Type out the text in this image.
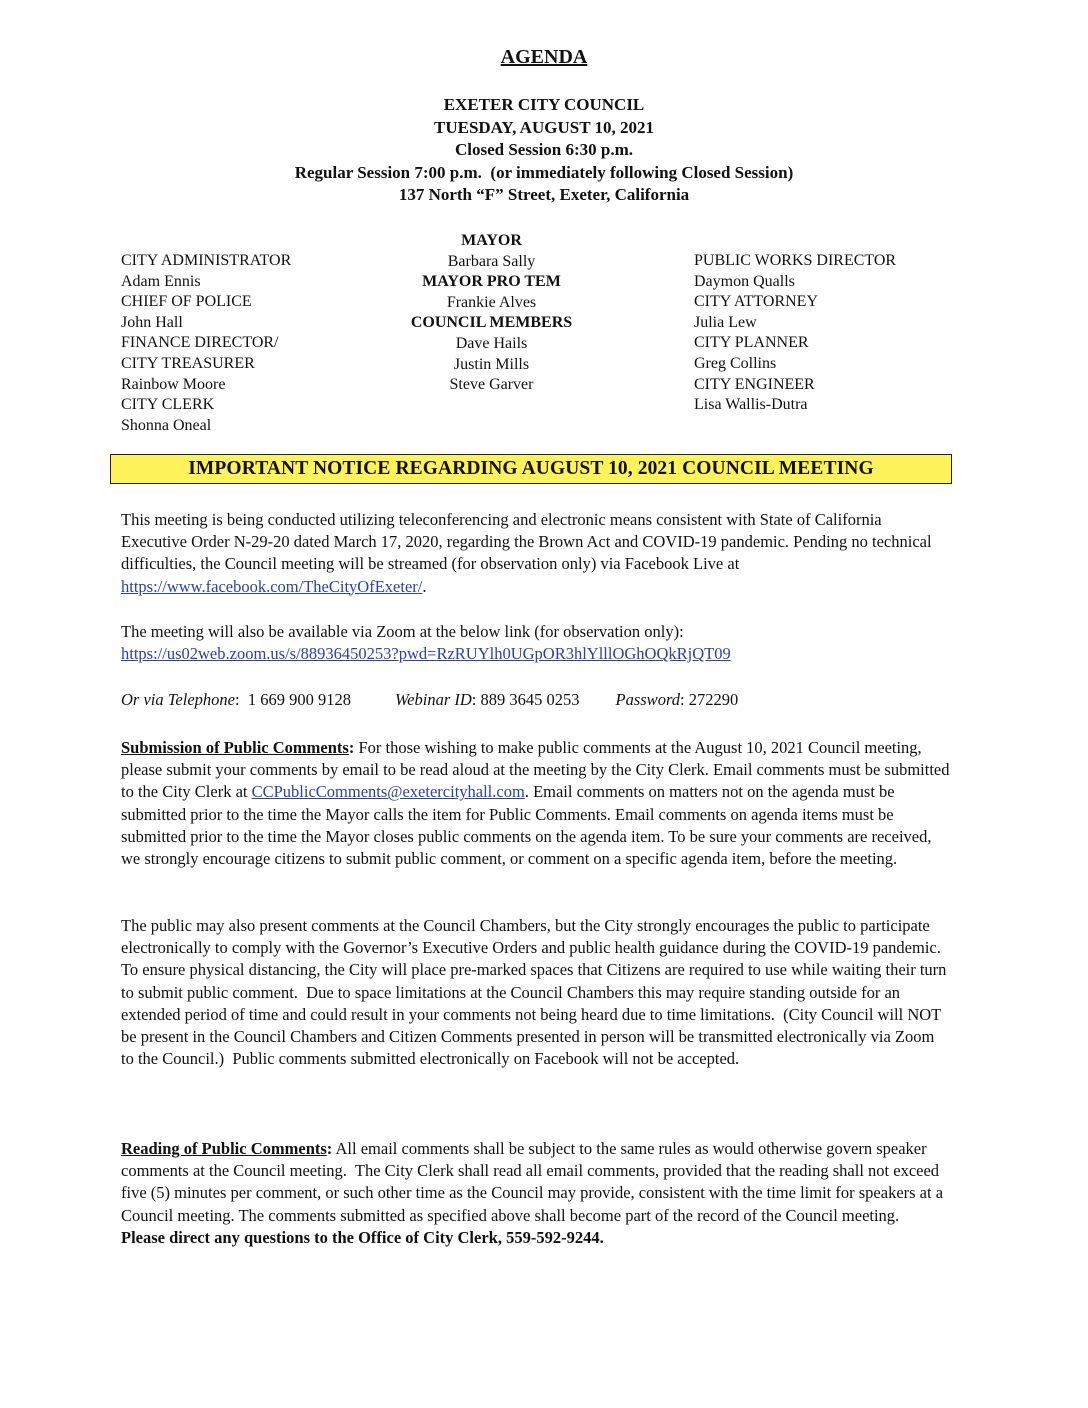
AGENDA
EXETER CITY COUNCIL
TUESDAY, AUGUST 10, 2021
Closed Session 6:30 p.m.
Regular Session 7:00 p.m.  (or immediately following Closed Session)
137 North “F” Street, Exeter, California
CITY ADMINISTRATOR
Adam Ennis
CHIEF OF POLICE
John Hall
FINANCE DIRECTOR/
CITY TREASURER
Rainbow Moore
CITY CLERK
Shonna Oneal
MAYOR
Barbara Sally
MAYOR PRO TEM
Frankie Alves
COUNCIL MEMBERS
Dave Hails
Justin Mills
Steve Garver
PUBLIC WORKS DIRECTOR
Daymon Qualls
CITY ATTORNEY
Julia Lew
CITY PLANNER
Greg Collins
CITY ENGINEER
Lisa Wallis-Dutra
IMPORTANT NOTICE REGARDING AUGUST 10, 2021 COUNCIL MEETING
This meeting is being conducted utilizing teleconferencing and electronic means consistent with State of California Executive Order N-29-20 dated March 17, 2020, regarding the Brown Act and COVID-19 pandemic. Pending no technical difficulties, the Council meeting will be streamed (for observation only) via Facebook Live at https://www.facebook.com/TheCityOfExeter/.
The meeting will also be available via Zoom at the below link (for observation only):
https://us02web.zoom.us/s/88936450253?pwd=RzRUYlh0UGpOR3hlYlllOGhOQkRjQT09
Or via Telephone:  1 669 900 9128	Webinar ID: 889 3645 0253 Password: 272290
Submission of Public Comments: For those wishing to make public comments at the August 10, 2021 Council meeting, please submit your comments by email to be read aloud at the meeting by the City Clerk. Email comments must be submitted to the City Clerk at CCPublicComments@exetercityhall.com. Email comments on matters not on the agenda must be submitted prior to the time the Mayor calls the item for Public Comments. Email comments on agenda items must be submitted prior to the time the Mayor closes public comments on the agenda item. To be sure your comments are received, we strongly encourage citizens to submit public comment, or comment on a specific agenda item, before the meeting.
The public may also present comments at the Council Chambers, but the City strongly encourages the public to participate electronically to comply with the Governor’s Executive Orders and public health guidance during the COVID-19 pandemic.  To ensure physical distancing, the City will place pre-marked spaces that Citizens are required to use while waiting their turn to submit public comment.  Due to space limitations at the Council Chambers this may require standing outside for an extended period of time and could result in your comments not being heard due to time limitations.  (City Council will NOT be present in the Council Chambers and Citizen Comments presented in person will be transmitted electronically via Zoom to the Council.)  Public comments submitted electronically on Facebook will not be accepted.
Reading of Public Comments: All email comments shall be subject to the same rules as would otherwise govern speaker comments at the Council meeting.  The City Clerk shall read all email comments, provided that the reading shall not exceed five (5) minutes per comment, or such other time as the Council may provide, consistent with the time limit for speakers at a Council meeting. The comments submitted as specified above shall become part of the record of the Council meeting.
Please direct any questions to the Office of City Clerk, 559-592-9244.
